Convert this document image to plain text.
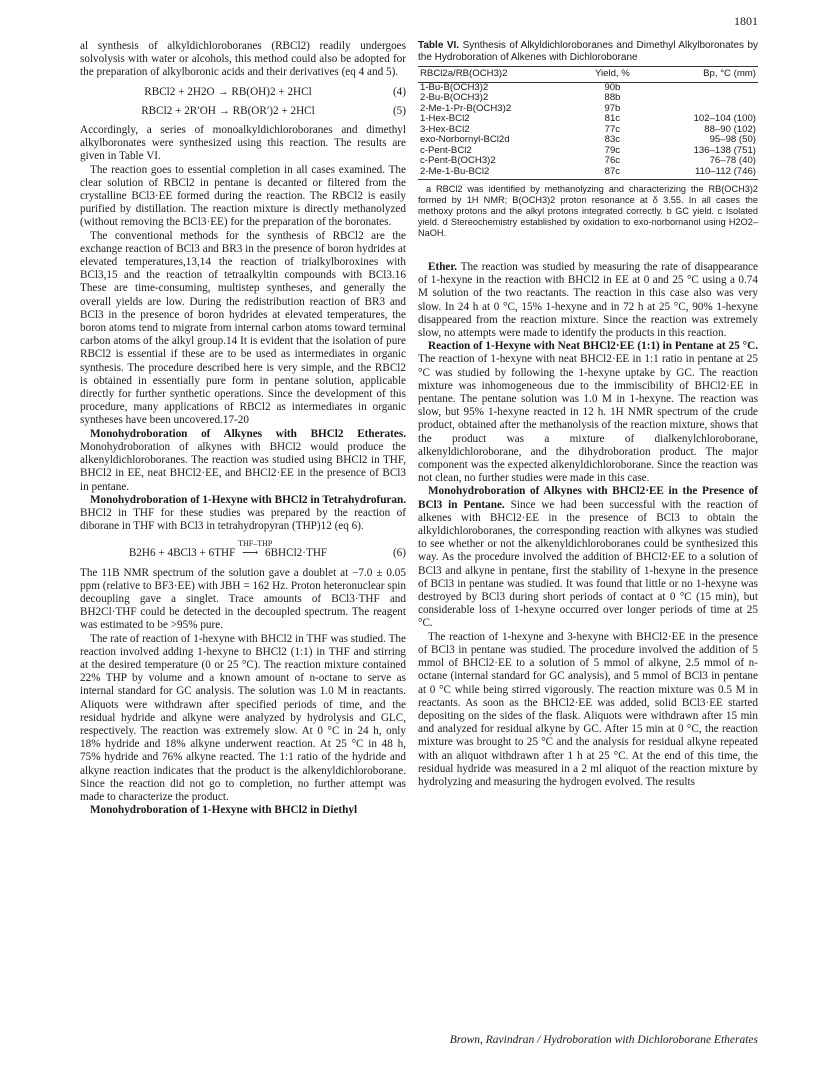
1801

al synthesis of alkyldichloroboranes (RBCl2) readily undergoes solvolysis with water or alcohols, this method could also be adopted for the preparation of alkylboronic acids and their derivatives (eq 4 and 5).

RBCl2 + 2H2O → RB(OH)2 + 2HCl	(4)
RBCl2 + 2R′OH → RB(OR′)2 + 2HCl	(5)

Accordingly, a series of monoalkyldichloroboranes and dimethyl alkylboronates were synthesized using this reaction. The results are given in Table VI.

The reaction goes to essential completion in all cases examined. The clear solution of RBCl2 in pentane is decanted or filtered from the crystalline BCl3·EE formed during the reaction. The RBCl2 is easily purified by distillation. The reaction mixture is directly methanolyzed (without removing the BCl3·EE) for the preparation of the boronates.

The conventional methods for the synthesis of RBCl2 are the exchange reaction of BCl3 and BR3 in the presence of boron hydrides at elevated temperatures,13,14 the reaction of trialkylboroxines with BCl3,15 and the reaction of tetraalkyltin compounds with BCl3.16 These are time-consuming, multistep syntheses, and generally the overall yields are low. During the redistribution reaction of BR3 and BCl3 in the presence of boron hydrides at elevated temperatures, the boron atoms tend to migrate from internal carbon atoms toward terminal carbon atoms of the alkyl group.14 It is evident that the isolation of pure RBCl2 is essential if these are to be used as intermediates in organic synthesis. The procedure described here is very simple, and the RBCl2 is obtained in essentially pure form in pentane solution, applicable directly for further synthetic operations. Since the development of this procedure, many applications of RBCl2 as intermediates in organic syntheses have been uncovered.17-20

Monohydroboration of Alkynes with BHCl2 Etherates. Monohydroboration of alkynes with BHCl2 would produce the alkenyldichloroboranes. The reaction was studied using BHCl2 in THF, BHCl2 in EE, neat BHCl2·EE, and BHCl2·EE in the presence of BCl3 in pentane.

Monohydroboration of 1-Hexyne with BHCl2 in Tetrahydrofuran. BHCl2 in THF for these studies was prepared by the reaction of diborane in THF with BCl3 in tetrahydropyran (THP)12 (eq 6).

B2H6 + 4BCl3 + 6THF
THF–THP
⟶ 6BHCl2·THF	(6)

The 11B NMR spectrum of the solution gave a doublet at −7.0 ± 0.05 ppm (relative to BF3·EE) with JBH = 162 Hz. Proton heteronuclear spin decoupling gave a singlet. Trace amounts of BCl3·THF and BH2Cl·THF could be detected in the decoupled spectrum. The reagent was estimated to be >95% pure.

The rate of reaction of 1-hexyne with BHCl2 in THF was studied. The reaction involved adding 1-hexyne to BHCl2 (1:1) in THF and stirring at the desired temperature (0 or 25 °C). The reaction mixture contained 22% THP by volume and a known amount of n-octane to serve as internal standard for GC analysis. The solution was 1.0 M in reactants. Aliquots were withdrawn after specified periods of time, and the residual hydride and alkyne were analyzed by hydrolysis and GLC, respectively. The reaction was extremely slow. At 0 °C in 24 h, only 18% hydride and 18% alkyne underwent reaction. At 25 °C in 48 h, 75% hydride and 76% alkyne reacted. The 1:1 ratio of the hydride and alkyne reaction indicates that the product is the alkenyldichloroborane. Since the reaction did not go to completion, no further attempt was made to characterize the product.

Monohydroboration of 1-Hexyne with BHCl2 in Diethyl

Table VI. Synthesis of Alkyldichloroboranes and Dimethyl Alkylboronates by the Hydroboration of Alkenes with Dichloroborane
RBCl2a/RB(OCH3)2	Yield, %	Bp, °C (mm)
1-Bu-B(OCH3)2	90b	
2-Bu-B(OCH3)2	88b	
2-Me-1-Pr-B(OCH3)2	97b	
1-Hex-BCl2	81c	102–104 (100)
3-Hex-BCl2	77c	88–90 (102)
exo-Norbornyl-BCl2d	83c	95–98 (50)
c-Pent-BCl2	79c	136–138 (751)
c-Pent-B(OCH3)2	76c	76–78 (40)
2-Me-1-Bu-BCl2	87c	110–112 (746)
a RBCl2 was identified by methanolyzing and characterizing the RB(OCH3)2 formed by 1H NMR; B(OCH3)2 proton resonance at δ 3.55. In all cases the methoxy protons and the alkyl protons integrated correctly. b GC yield. c Isolated yield. d Stereochemistry established by oxidation to exo-norbornanol using H2O2–NaOH.

Ether. The reaction was studied by measuring the rate of disappearance of 1-hexyne in the reaction with BHCl2 in EE at 0 and 25 °C using a 0.74 M solution of the two reactants. The reaction in this case also was very slow. In 24 h at 0 °C, 15% 1-hexyne and in 72 h at 25 °C, 90% 1-hexyne disappeared from the reaction mixture. Since the reaction was extremely slow, no attempts were made to identify the products in this reaction.

Reaction of 1-Hexyne with Neat BHCl2·EE (1:1) in Pentane at 25 °C. The reaction of 1-hexyne with neat BHCl2·EE in 1:1 ratio in pentane at 25 °C was studied by following the 1-hexyne uptake by GC. The reaction mixture was inhomogeneous due to the immiscibility of BHCl2·EE in pentane. The pentane solution was 1.0 M in 1-hexyne. The reaction was slow, but 95% 1-hexyne reacted in 12 h. 1H NMR spectrum of the crude product, obtained after the methanolysis of the reaction mixture, shows that the product was a mixture of dialkenylchloroborane, alkenyldichloroborane, and the dihydroboration product. The major component was the expected alkenyldichloroborane. Since the reaction was not clean, no further studies were made in this case.

Monohydroboration of Alkynes with BHCl2·EE in the Presence of BCl3 in Pentane. Since we had been successful with the reaction of alkenes with BHCl2·EE in the presence of BCl3 to obtain the alkyldichloroboranes, the corresponding reaction with alkynes was studied to see whether or not the alkenyldichloroboranes could be synthesized this way. As the procedure involved the addition of BHCl2·EE to a solution of BCl3 and alkyne in pentane, first the stability of 1-hexyne in the presence of BCl3 in pentane was studied. It was found that little or no 1-hexyne was destroyed by BCl3 during short periods of contact at 0 °C (15 min), but considerable loss of 1-hexyne occurred over longer periods of time at 25 °C.

The reaction of 1-hexyne and 3-hexyne with BHCl2·EE in the presence of BCl3 in pentane was studied. The procedure involved the addition of 5 mmol of BHCl2·EE to a solution of 5 mmol of alkyne, 2.5 mmol of n-octane (internal standard for GC analysis), and 5 mmol of BCl3 in pentane at 0 °C while being stirred vigorously. The reaction mixture was 0.5 M in reactants. As soon as the BHCl2·EE was added, solid BCl3·EE started depositing on the sides of the flask. Aliquots were withdrawn after 15 min and analyzed for residual alkyne by GC. After 15 min at 0 °C, the reaction mixture was brought to 25 °C and the analysis for residual alkyne repeated with an aliquot withdrawn after 1 h at 25 °C. At the end of this time, the residual hydride was measured in a 2 ml aliquot of the reaction mixture by hydrolyzing and measuring the hydrogen evolved. The results

Brown, Ravindran / Hydroboration with Dichloroborane Etherates
